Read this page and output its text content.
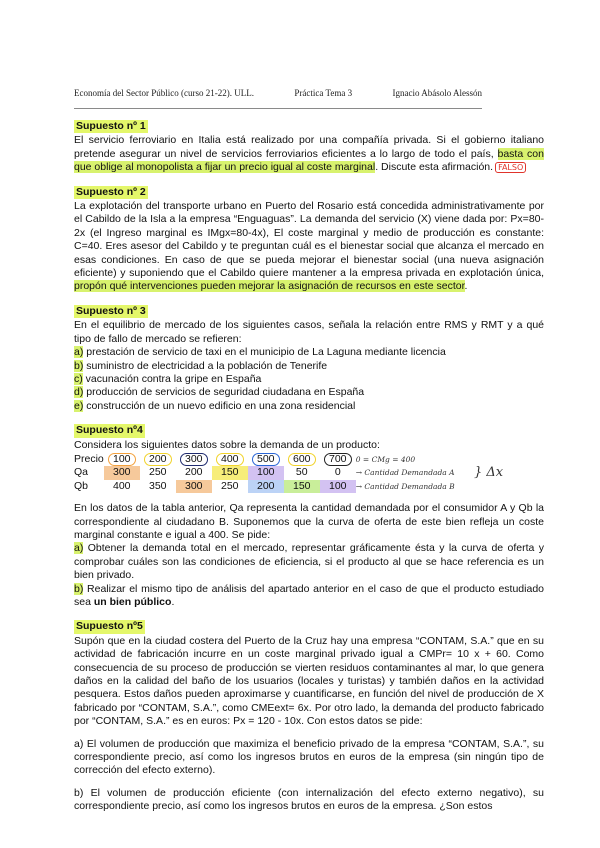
Economía del Sector Público (curso 21-22). ULL.	Práctica Tema 3	Ignacio Abásolo Alessón
Supuesto nº 1

El servicio ferroviario en Italia está realizado por una compañía privada. Si el gobierno italiano pretende asegurar un nivel de servicios ferroviarios eficientes a lo largo de todo el país, basta con que oblige al monopolista a fijar un precio igual al coste marginal. Discute esta afirmación. FALSO

Supuesto nº 2

La explotación del transporte urbano en Puerto del Rosario está concedida administrativamente por el Cabildo de la Isla a la empresa “Enguaguas”. La demanda del servicio (X) viene dada por: Px=80-2x (el Ingreso marginal es IMgx=80-4x), El coste marginal y medio de producción es constante: C=40. Eres asesor del Cabildo y te preguntan cuál es el bienestar social que alcanza el mercado en esas condiciones. En caso de que se pueda mejorar el bienestar social (una nueva asignación eficiente) y suponiendo que el Cabildo quiere mantener a la empresa privada en explotación única, propón qué intervenciones pueden mejorar la asignación de recursos en este sector.

Supuesto nº 3

En el equilibrio de mercado de los siguientes casos, señala la relación entre RMS y RMT y a qué tipo de fallo de mercado se refieren:

a) prestación de servicio de taxi en el municipio de La Laguna mediante licencia
b) suministro de electricidad a la población de Tenerife
c) vacunación contra la gripe en España
d) producción de servicios de seguridad ciudadana en España
e) construcción de un nuevo edificio en una zona residencial
Supuesto nº4

Considera los siguientes datos sobre la demanda de un producto:

Precio	100	200	300	400	500	600	700	0 = CMg = 400
Qa	300	250	200	150	100	50	0	→ Cantidad Demandada A
Qb	400	350	300	250	200	150	100	→ Cantidad Demandada B
} Δx

En los datos de la tabla anterior, Qa representa la cantidad demandada por el consumidor A y Qb la correspondiente al ciudadano B. Suponemos que la curva de oferta de este bien refleja un coste marginal constante e igual a 400. Se pide:

a) Obtener la demanda total en el mercado, representar gráficamente ésta y la curva de oferta y comprobar cuáles son las condiciones de eficiencia, si el producto al que se hace referencia es un bien privado.

b) Realizar el mismo tipo de análisis del apartado anterior en el caso de que el producto estudiado sea un bien público.

Supuesto nº5

Supón que en la ciudad costera del Puerto de la Cruz hay una empresa “CONTAM, S.A.” que en su actividad de fabricación incurre en un coste marginal privado igual a CMPr= 10 x + 60. Como consecuencia de su proceso de producción se vierten residuos contaminantes al mar, lo que genera daños en la calidad del baño de los usuarios (locales y turistas) y también daños en la actividad pesquera. Estos daños pueden aproximarse y cuantificarse, en función del nivel de producción de X fabricado por “CONTAM, S.A.”, como CMEext= 6x. Por otro lado, la demanda del producto fabricado por “CONTAM, S.A.” es en euros: Px = 120 - 10x. Con estos datos se pide:

a) El volumen de producción que maximiza el beneficio privado de la empresa “CONTAM, S.A.”, su correspondiente precio, así como los ingresos brutos en euros de la empresa (sin ningún tipo de corrección del efecto externo).

b) El volumen de producción eficiente (con internalización del efecto externo negativo), su correspondiente precio, así como los ingresos brutos en euros de la empresa. ¿Son estos
